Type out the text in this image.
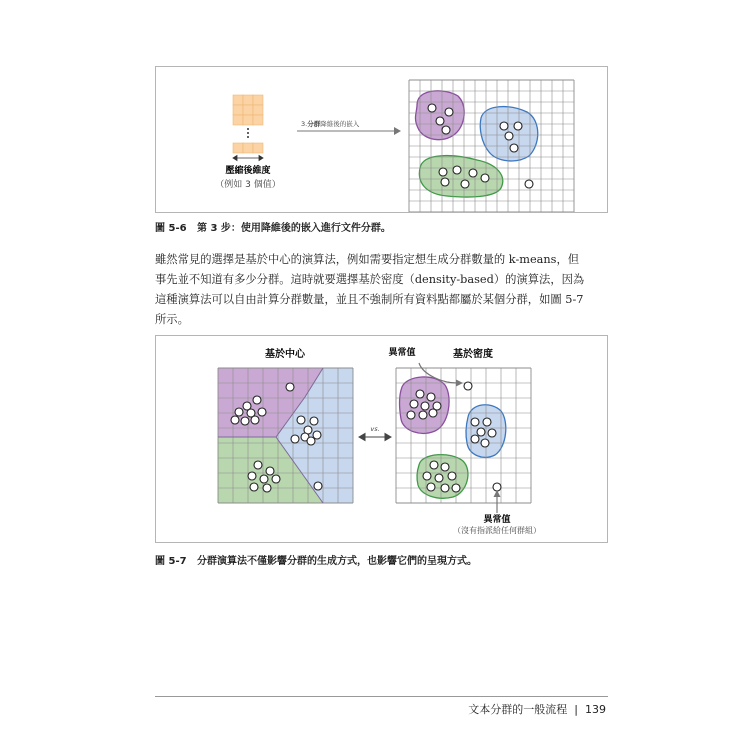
3.分群降維後的嵌入
壓縮後維度
（例如 3 個值）
圖 5-6 第 3 步：使用降維後的嵌入進行文件分群。
雖然常見的選擇是基於中心的演算法，例如需要指定想生成分群數量的 k-means，但
事先並不知道有多少分群。這時就要選擇基於密度（density-based）的演算法，因為
這種演算法可以自由計算分群數量，並且不強制所有資料點都屬於某個分群，如圖 5-7
所示。
基於中心	基於密度
vs.
異常值
異常值
（沒有指派給任何群組）
圖 5-7 分群演算法不僅影響分群的生成方式，也影響它們的呈現方式。
文本分群的一般流程 | 139
